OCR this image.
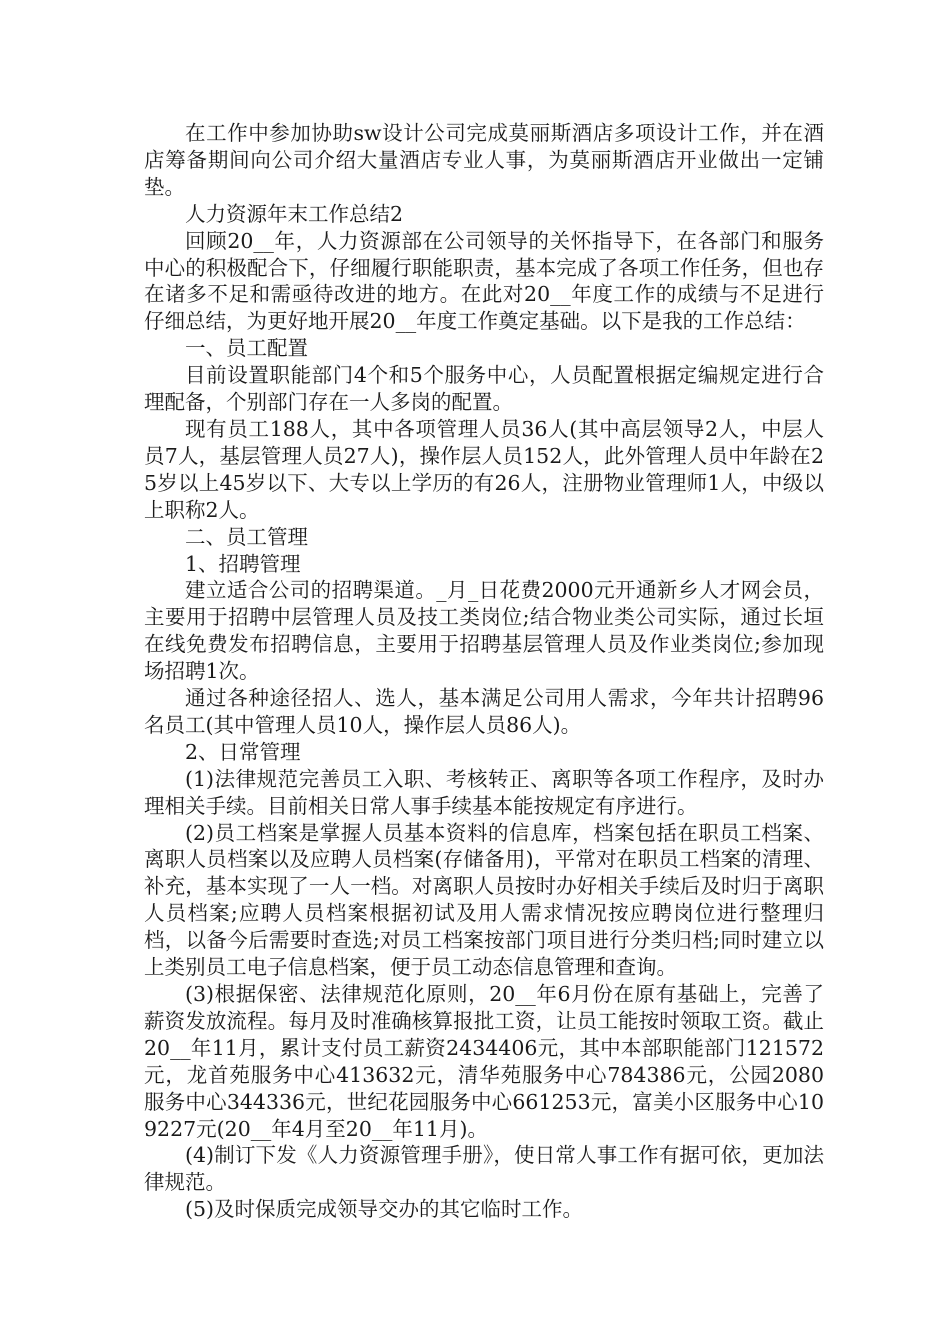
在工作中参加协助sw设计公司完成莫丽斯酒店多项设计工作，并在酒店筹备期间向公司介绍大量酒店专业人事，为莫丽斯酒店开业做出一定铺垫。

人力资源年末工作总结2

回顾20__年，人力资源部在公司领导的关怀指导下，在各部门和服务中心的积极配合下，仔细履行职能职责，基本完成了各项工作任务，但也存在诸多不足和需亟待改进的地方。在此对20__年度工作的成绩与不足进行仔细总结，为更好地开展20__年度工作奠定基础。以下是我的工作总结：

一、员工配置

目前设置职能部门4个和5个服务中心，人员配置根据定编规定进行合理配备，个别部门存在一人多岗的配置。

现有员工188人，其中各项管理人员36人(其中高层领导2人，中层人员7人，基层管理人员27人)，操作层人员152人，此外管理人员中年龄在25岁以上45岁以下、大专以上学历的有26人，注册物业管理师1人，中级以上职称2人。

二、员工管理

1、招聘管理

建立适合公司的招聘渠道。_月_日花费2000元开通新乡人才网会员，主要用于招聘中层管理人员及技工类岗位;结合物业类公司实际，通过长垣在线免费发布招聘信息，主要用于招聘基层管理人员及作业类岗位;参加现场招聘1次。

通过各种途径招人、选人，基本满足公司用人需求，今年共计招聘96名员工(其中管理人员10人，操作层人员86人)。

2、日常管理

(1)法律规范完善员工入职、考核转正、离职等各项工作程序，及时办理相关手续。目前相关日常人事手续基本能按规定有序进行。

(2)员工档案是掌握人员基本资料的信息库，档案包括在职员工档案、离职人员档案以及应聘人员档案(存储备用)，平常对在职员工档案的清理、补充，基本实现了一人一档。对离职人员按时办好相关手续后及时归于离职人员档案;应聘人员档案根据初试及用人需求情况按应聘岗位进行整理归档，以备今后需要时查选;对员工档案按部门项目进行分类归档;同时建立以上类别员工电子信息档案，便于员工动态信息管理和查询。

(3)根据保密、法律规范化原则，20__年6月份在原有基础上，完善了薪资发放流程。每月及时准确核算报批工资，让员工能按时领取工资。截止20__年11月，累计支付员工薪资2434406元，其中本部职能部门121572元，龙首苑服务中心413632元，清华苑服务中心784386元，公园2080服务中心344336元，世纪花园服务中心661253元，富美小区服务中心109227元(20__年4月至20__年11月)。

(4)制订下发《人力资源管理手册》，使日常人事工作有据可依，更加法律规范。

(5)及时保质完成领导交办的其它临时工作。
